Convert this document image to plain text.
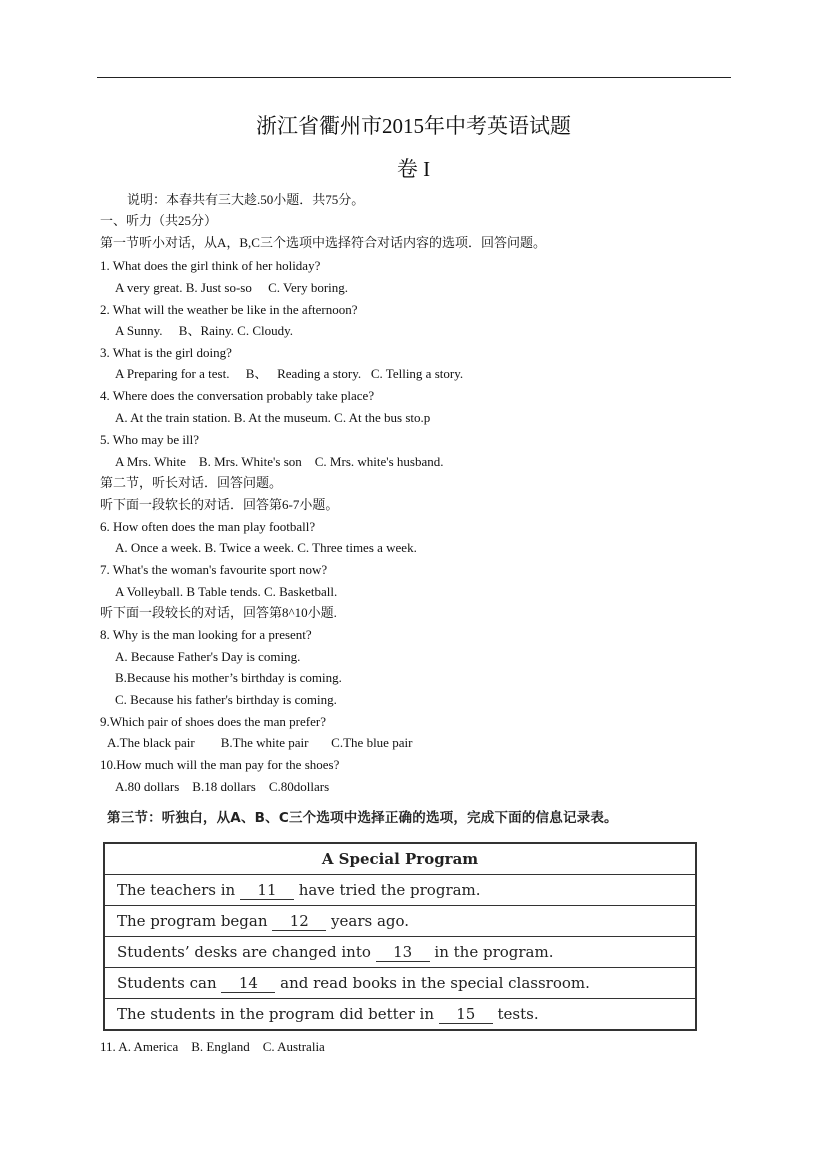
浙江省衢州市2015年中考英语试题
卷 I
说明：本春共有三大趁.50小题．共75分。
一、听力（共25分）
第一节听小对话，从A，B,C三个选项中选择符合对话内容的选项．回答问题。
1. What does the girl think of her holiday?
A very great. B. Just so-so     C. Very boring.
2. What will the weather be like in the afternoon?
A Sunny.     B、Rainy. C. Cloudy.
3. What is the girl doing?
A Preparing for a test.     B、   Reading a story.   C. Telling a story.
4. Where does the conversation probably take place?
A. At the train station. B. At the museum. C. At the bus sto.p
5. Who may be ill?
A Mrs. White    B. Mrs. White's son    C. Mrs. white's husband.
第二节，听长对话．回答问题。
听下面一段软长的对话．回答第6-7小题。
6. How often does the man play football?
A. Once a week. B. Twice a week. C. Three times a week.
7. What's the woman's favourite sport now?
A Volleyball. B Table tends. C. Basketball.
听下面一段较长的对话，回答第8^10小题.
8. Why is the man looking for a present?
A. Because Father's Day is coming.
B.Because his mother’s birthday is coming.
C. Because his father's birthday is coming.
9.Which pair of shoes does the man prefer?
A.The black pair        B.The white pair       C.The blue pair
10.How much will the man pay for the shoes?
A.80 dollars    B.18 dollars    C.80dollars
第三节：听独白，从A、B、C三个选项中选择正确的选项，完成下面的信息记录表。
A Special Program
The teachers in 11 have tried the program.
The program began 12 years ago.
Students’ desks are changed into 13 in the program.
Students can 14 and read books in the special classroom.
The students in the program did better in 15 tests.
11. A. America    B. England    C. Australia
